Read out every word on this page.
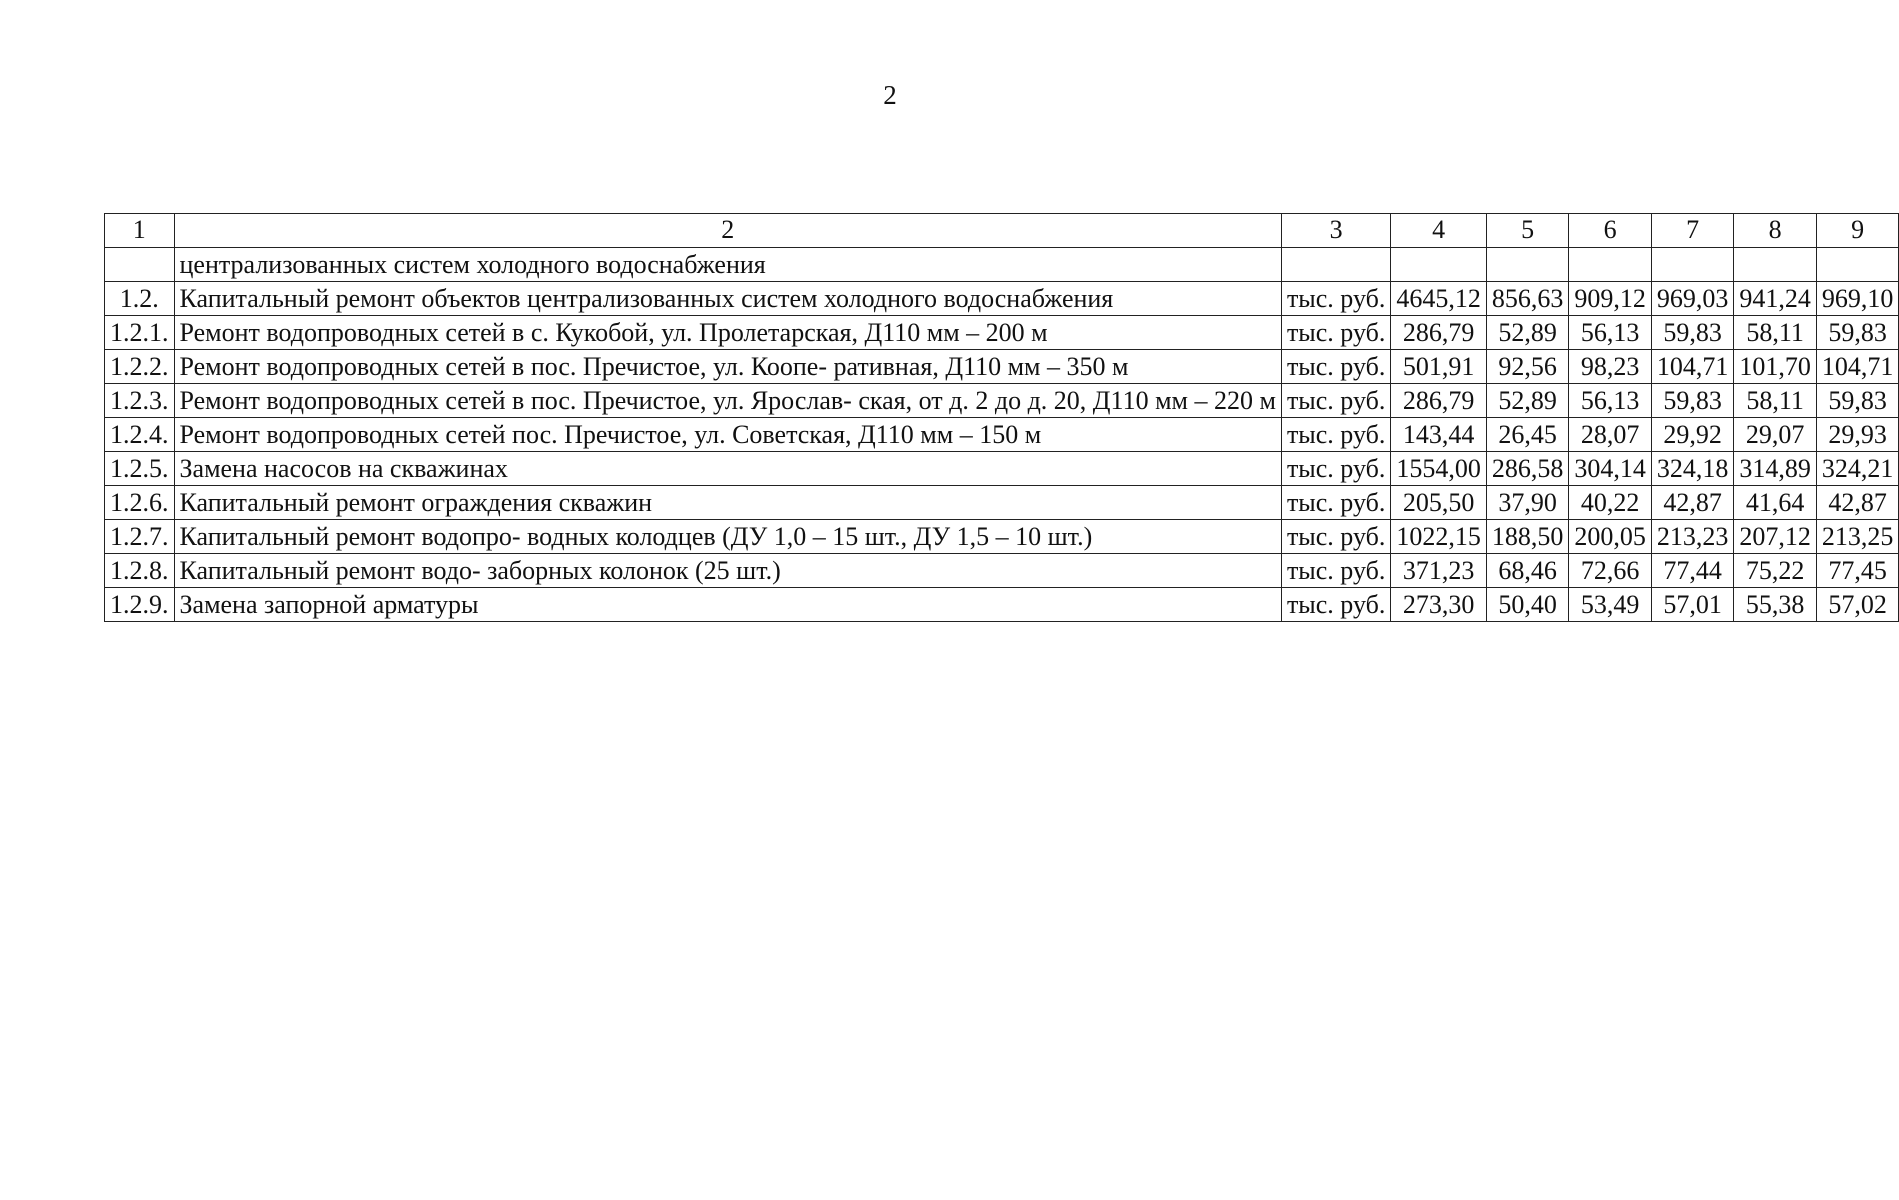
2
1	2	3	4	5	6	7	8	9
	централизованных систем холодного водоснабжения							
1.2.	Капитальный ремонт объектов централизованных систем холодного водоснабжения	тыс. руб.	4645,12	856,63	909,12	969,03	941,24	969,10
1.2.1.	Ремонт водопроводных сетей в с. Кукобой, ул. Пролетарская, Д110 мм – 200 м	тыс. руб.	286,79	52,89	56,13	59,83	58,11	59,83
1.2.2.	Ремонт водопроводных сетей в пос. Пречистое, ул. Коопе- ративная, Д110 мм – 350 м	тыс. руб.	501,91	92,56	98,23	104,71	101,70	104,71
1.2.3.	Ремонт водопроводных сетей в пос. Пречистое, ул. Ярослав- ская, от д. 2 до д. 20, Д110 мм – 220 м	тыс. руб.	286,79	52,89	56,13	59,83	58,11	59,83
1.2.4.	Ремонт водопроводных сетей пос. Пречистое, ул. Советская, Д110 мм – 150 м	тыс. руб.	143,44	26,45	28,07	29,92	29,07	29,93
1.2.5.	Замена насосов на скважинах	тыс. руб.	1554,00	286,58	304,14	324,18	314,89	324,21
1.2.6.	Капитальный ремонт ограждения скважин	тыс. руб.	205,50	37,90	40,22	42,87	41,64	42,87
1.2.7.	Капитальный ремонт водопро- водных колодцев (ДУ 1,0 – 15 шт., ДУ 1,5 – 10 шт.)	тыс. руб.	1022,15	188,50	200,05	213,23	207,12	213,25
1.2.8.	Капитальный ремонт водо- заборных колонок (25 шт.)	тыс. руб.	371,23	68,46	72,66	77,44	75,22	77,45
1.2.9.	Замена запорной арматуры	тыс. руб.	273,30	50,40	53,49	57,01	55,38	57,02
